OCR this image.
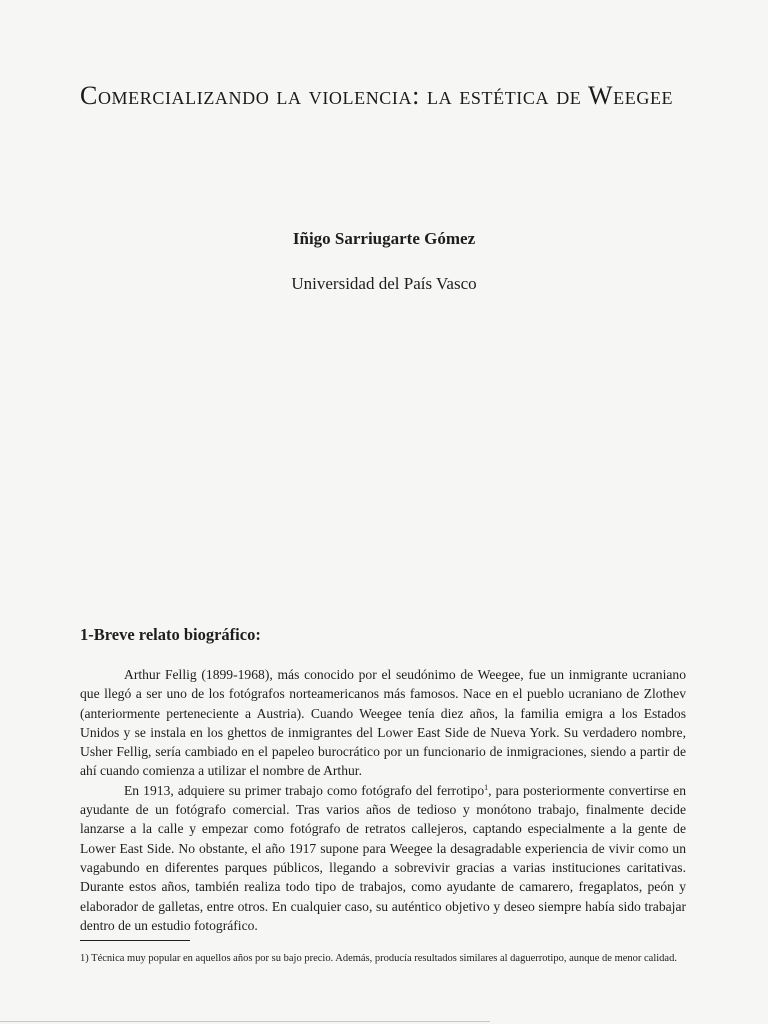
Comercializando la violencia: la estética de Weegee
Iñigo Sarriugarte Gómez
Universidad del País Vasco
1-Breve relato biográfico:

Arthur Fellig (1899-1968), más conocido por el seudónimo de Weegee, fue un inmigrante ucraniano que llegó a ser uno de los fotógrafos norteamericanos más famosos. Nace en el pueblo ucraniano de Zlothev (anteriormente perteneciente a Austria). Cuando Weegee tenía diez años, la familia emigra a los Estados Unidos y se instala en los ghettos de inmigrantes del Lower East Side de Nueva York. Su verdadero nombre, Usher Fellig, sería cambiado en el papeleo burocrático por un funcionario de inmigraciones, siendo a partir de ahí cuando comienza a utilizar el nombre de Arthur.

En 1913, adquiere su primer trabajo como fotógrafo del ferrotipo$^1$, para posteriormente convertirse en ayudante de un fotógrafo comercial. Tras varios años de tedioso y monótono trabajo, finalmente decide lanzarse a la calle y empezar como fotógrafo de retratos callejeros, captando especialmente a la gente de Lower East Side. No obstante, el año 1917 supone para Weegee la desagradable experiencia de vivir como un vagabundo en diferentes parques públicos, llegando a sobrevivir gracias a varias instituciones caritativas. Durante estos años, también realiza todo tipo de trabajos, como ayudante de camarero, fregaplatos, peón y elaborador de galletas, entre otros. En cualquier caso, su auténtico objetivo y deseo siempre había sido trabajar dentro de un estudio fotográfico.

1) Técnica muy popular en aquellos años por su bajo precio. Además, producía resultados similares al daguerrotipo, aunque de menor calidad.
